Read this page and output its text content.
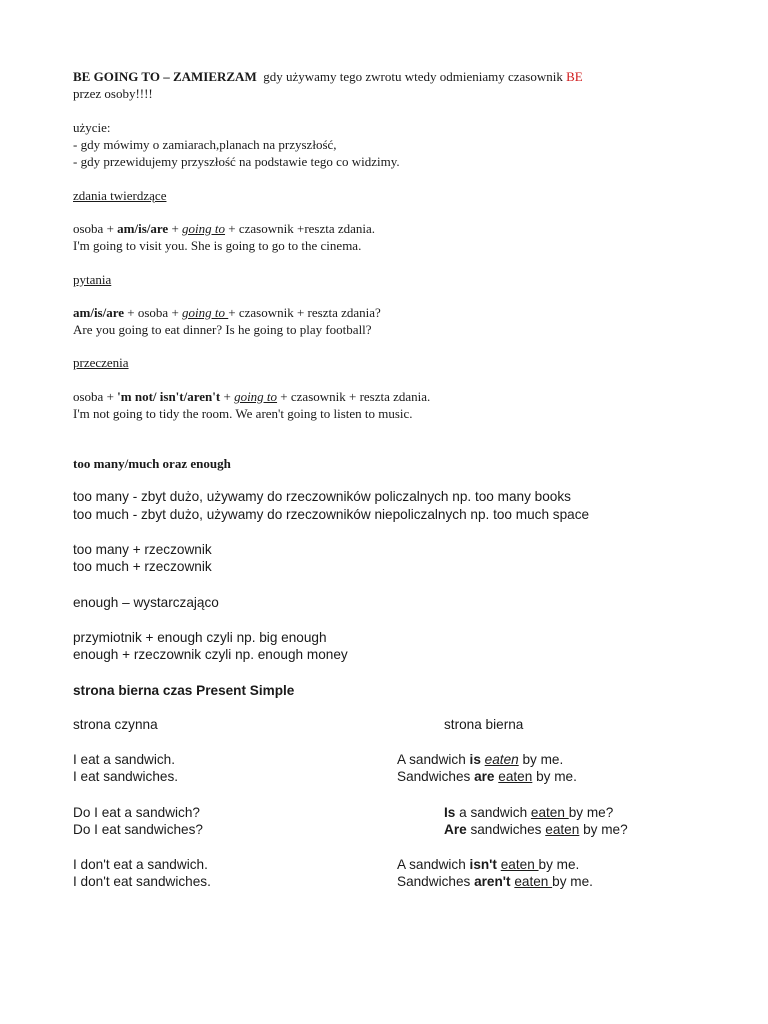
BE GOING TO – ZAMIERZAM gdy używamy tego zwrotu wtedy odmieniamy czasownik BE
przez osoby!!!!
użycie:
- gdy mówimy o zamiarach,planach na przyszłość,
- gdy przewidujemy przyszłość na podstawie tego co widzimy.
zdania twierdzące
osoba + am/is/are + going to + czasownik +reszta zdania.
I'm going to visit you. She is going to go to the cinema.
pytania
am/is/are + osoba + going to + czasownik + reszta zdania?
Are you going to eat dinner? Is he going to play football?
przeczenia
osoba + 'm not/ isn't/aren't + going to + czasownik + reszta zdania.
I'm not going to tidy the room. We aren't going to listen to music.
too many/much oraz enough
too many - zbyt dużo, używamy do rzeczowników policzalnych np. too many books
too much - zbyt dużo, używamy do rzeczowników niepoliczalnych np. too much space
too many + rzeczownik
too much + rzeczownik
enough – wystarczająco
przymiotnik + enough czyli np. big enough
enough + rzeczownik czyli np. enough money
strona bierna czas Present Simple
strona czynna	strona bierna
I eat a sandwich.
I eat sandwiches.
Do I eat a sandwich?
Do I eat sandwiches?
I don't eat a sandwich.
I don't eat sandwiches.
A sandwich is eaten by me.
Sandwiches are eaten by me.
Is a sandwich eaten by me?
Are sandwiches eaten by me?
A sandwich isn't eaten by me.
Sandwiches aren't eaten by me.
